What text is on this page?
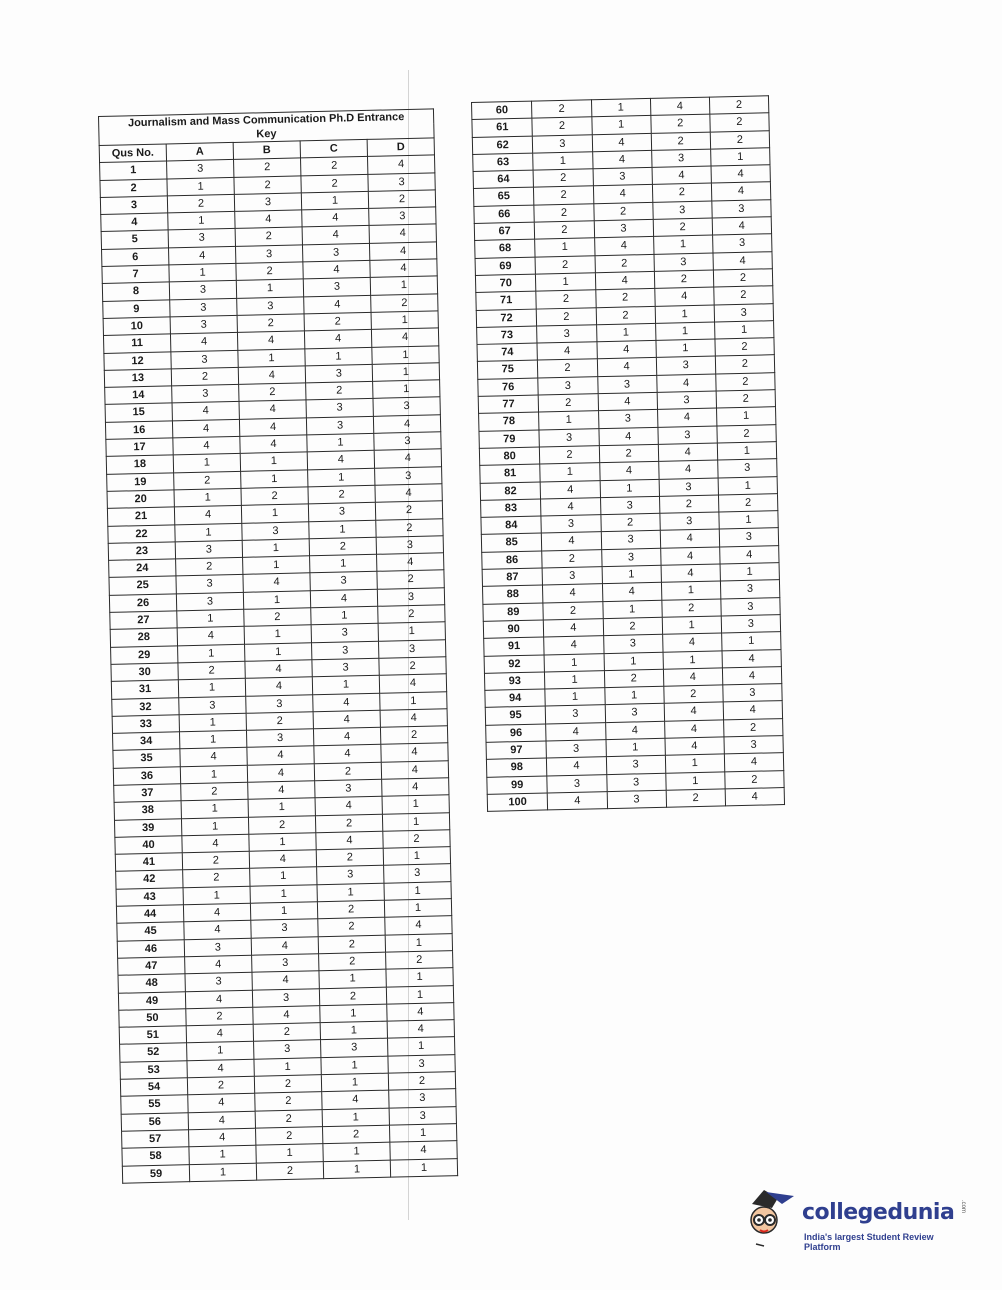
Journalism and Mass Communication Ph.D Entrance				
Key				
Qus No.	A	B	C	D
1	3	2	2	4
2	1	2	2	3
3	2	3	1	2
4	1	4	4	3
5	3	2	4	4
6	4	3	3	4
7	1	2	4	4
8	3	1	3	1
9	3	3	4	2
10	3	2	2	1
11	4	4	4	4
12	3	1	1	1
13	2	4	3	1
14	3	2	2	1
15	4	4	3	3
16	4	4	3	4
17	4	4	1	3
18	1	1	4	4
19	2	1	1	3
20	1	2	2	4
21	4	1	3	2
22	1	3	1	2
23	3	1	2	3
24	2	1	1	4
25	3	4	3	2
26	3	1	4	3
27	1	2	1	2
28	4	1	3	1
29	1	1	3	3
30	2	4	3	2
31	1	4	1	4
32	3	3	4	1
33	1	2	4	4
34	1	3	4	2
35	4	4	4	4
36	1	4	2	4
37	2	4	3	4
38	1	1	4	1
39	1	2	2	1
40	4	1	4	2
41	2	4	2	1
42	2	1	3	3
43	1	1	1	1
44	4	1	2	1
45	4	3	2	4
46	3	4	2	1
47	4	3	2	2
48	3	4	1	1
49	4	3	2	1
50	2	4	1	4
51	4	2	1	4
52	1	3	3	1
53	4	1	1	3
54	2	2	1	2
55	4	2	4	3
56	4	2	1	3
57	4	2	2	1
58	1	1	1	4
59	1	2	1	1
60	2	1	4	2
61	2	1	2	2
62	3	4	2	2
63	1	4	3	1
64	2	3	4	4
65	2	4	2	4
66	2	2	3	3
67	2	3	2	4
68	1	4	1	3
69	2	2	3	4
70	1	4	2	2
71	2	2	4	2
72	2	2	1	3
73	3	1	1	1
74	4	4	1	2
75	2	4	3	2
76	3	3	4	2
77	2	4	3	2
78	1	3	4	1
79	3	4	3	2
80	2	2	4	1
81	1	4	4	3
82	4	1	3	1
83	4	3	2	2
84	3	2	3	1
85	4	3	4	3
86	2	3	4	4
87	3	1	4	1
88	4	4	1	3
89	2	1	2	3
90	4	2	1	3
91	4	3	4	1
92	1	1	1	4
93	1	2	4	4
94	1	1	2	3
95	3	3	4	4
96	4	4	4	2
97	3	1	4	3
98	4	3	1	4
99	3	3	1	2
100	4	3	2	4
collegedunia .com
India's largest Student Review Platform
